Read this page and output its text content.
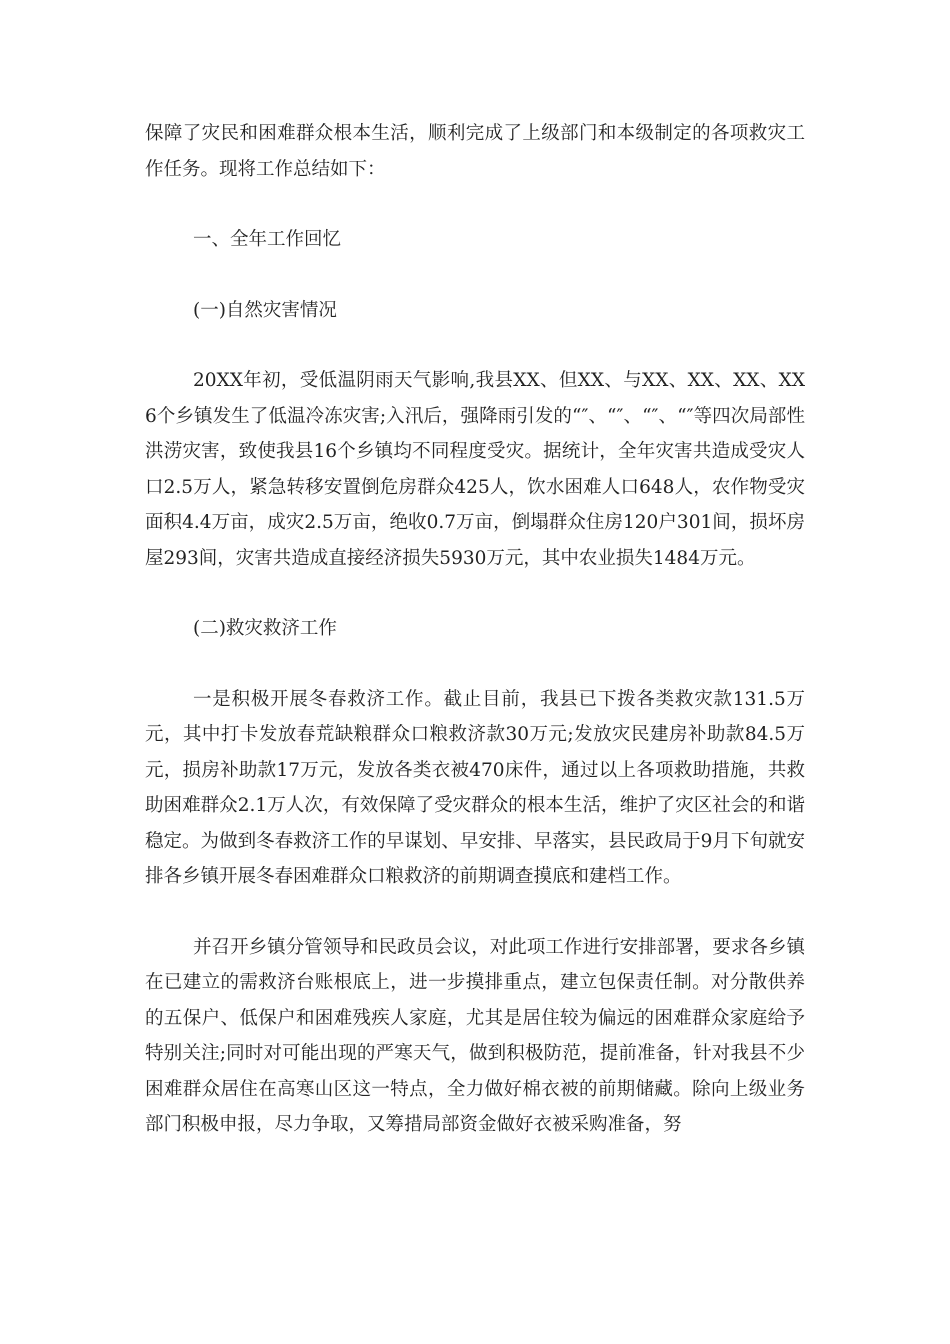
保障了灾民和困难群众根本生活，顺利完成了上级部门和本级制定的各项救灾工作任务。现将工作总结如下：

一、全年工作回忆

(一)自然灾害情况

20XX年初，受低温阴雨天气影响,我县XX、但XX、与XX、XX、XX、XX6个乡镇发生了低温冷冻灾害;入汛后，强降雨引发的“″、“″、“″、“″等四次局部性洪涝灾害，致使我县16个乡镇均不同程度受灾。据统计，全年灾害共造成受灾人口2.5万人，紧急转移安置倒危房群众425人，饮水困难人口648人，农作物受灾面积4.4万亩，成灾2.5万亩，绝收0.7万亩，倒塌群众住房120户301间，损坏房屋293间，灾害共造成直接经济损失5930万元，其中农业损失1484万元。

(二)救灾救济工作

一是积极开展冬春救济工作。截止目前，我县已下拨各类救灾款131.5万元，其中打卡发放春荒缺粮群众口粮救济款30万元;发放灾民建房补助款84.5万元，损房补助款17万元，发放各类衣被470床件，通过以上各项救助措施，共救助困难群众2.1万人次，有效保障了受灾群众的根本生活，维护了灾区社会的和谐稳定。为做到冬春救济工作的早谋划、早安排、早落实，县民政局于9月下旬就安排各乡镇开展冬春困难群众口粮救济的前期调查摸底和建档工作。

并召开乡镇分管领导和民政员会议，对此项工作进行安排部署，要求各乡镇在已建立的需救济台账根底上，进一步摸排重点，建立包保责任制。对分散供养的五保户、低保户和困难残疾人家庭，尤其是居住较为偏远的困难群众家庭给予特别关注;同时对可能出现的严寒天气，做到积极防范，提前准备，针对我县不少困难群众居住在高寒山区这一特点，全力做好棉衣被的前期储藏。除向上级业务部门积极申报，尽力争取，又筹措局部资金做好衣被采购准备，努
